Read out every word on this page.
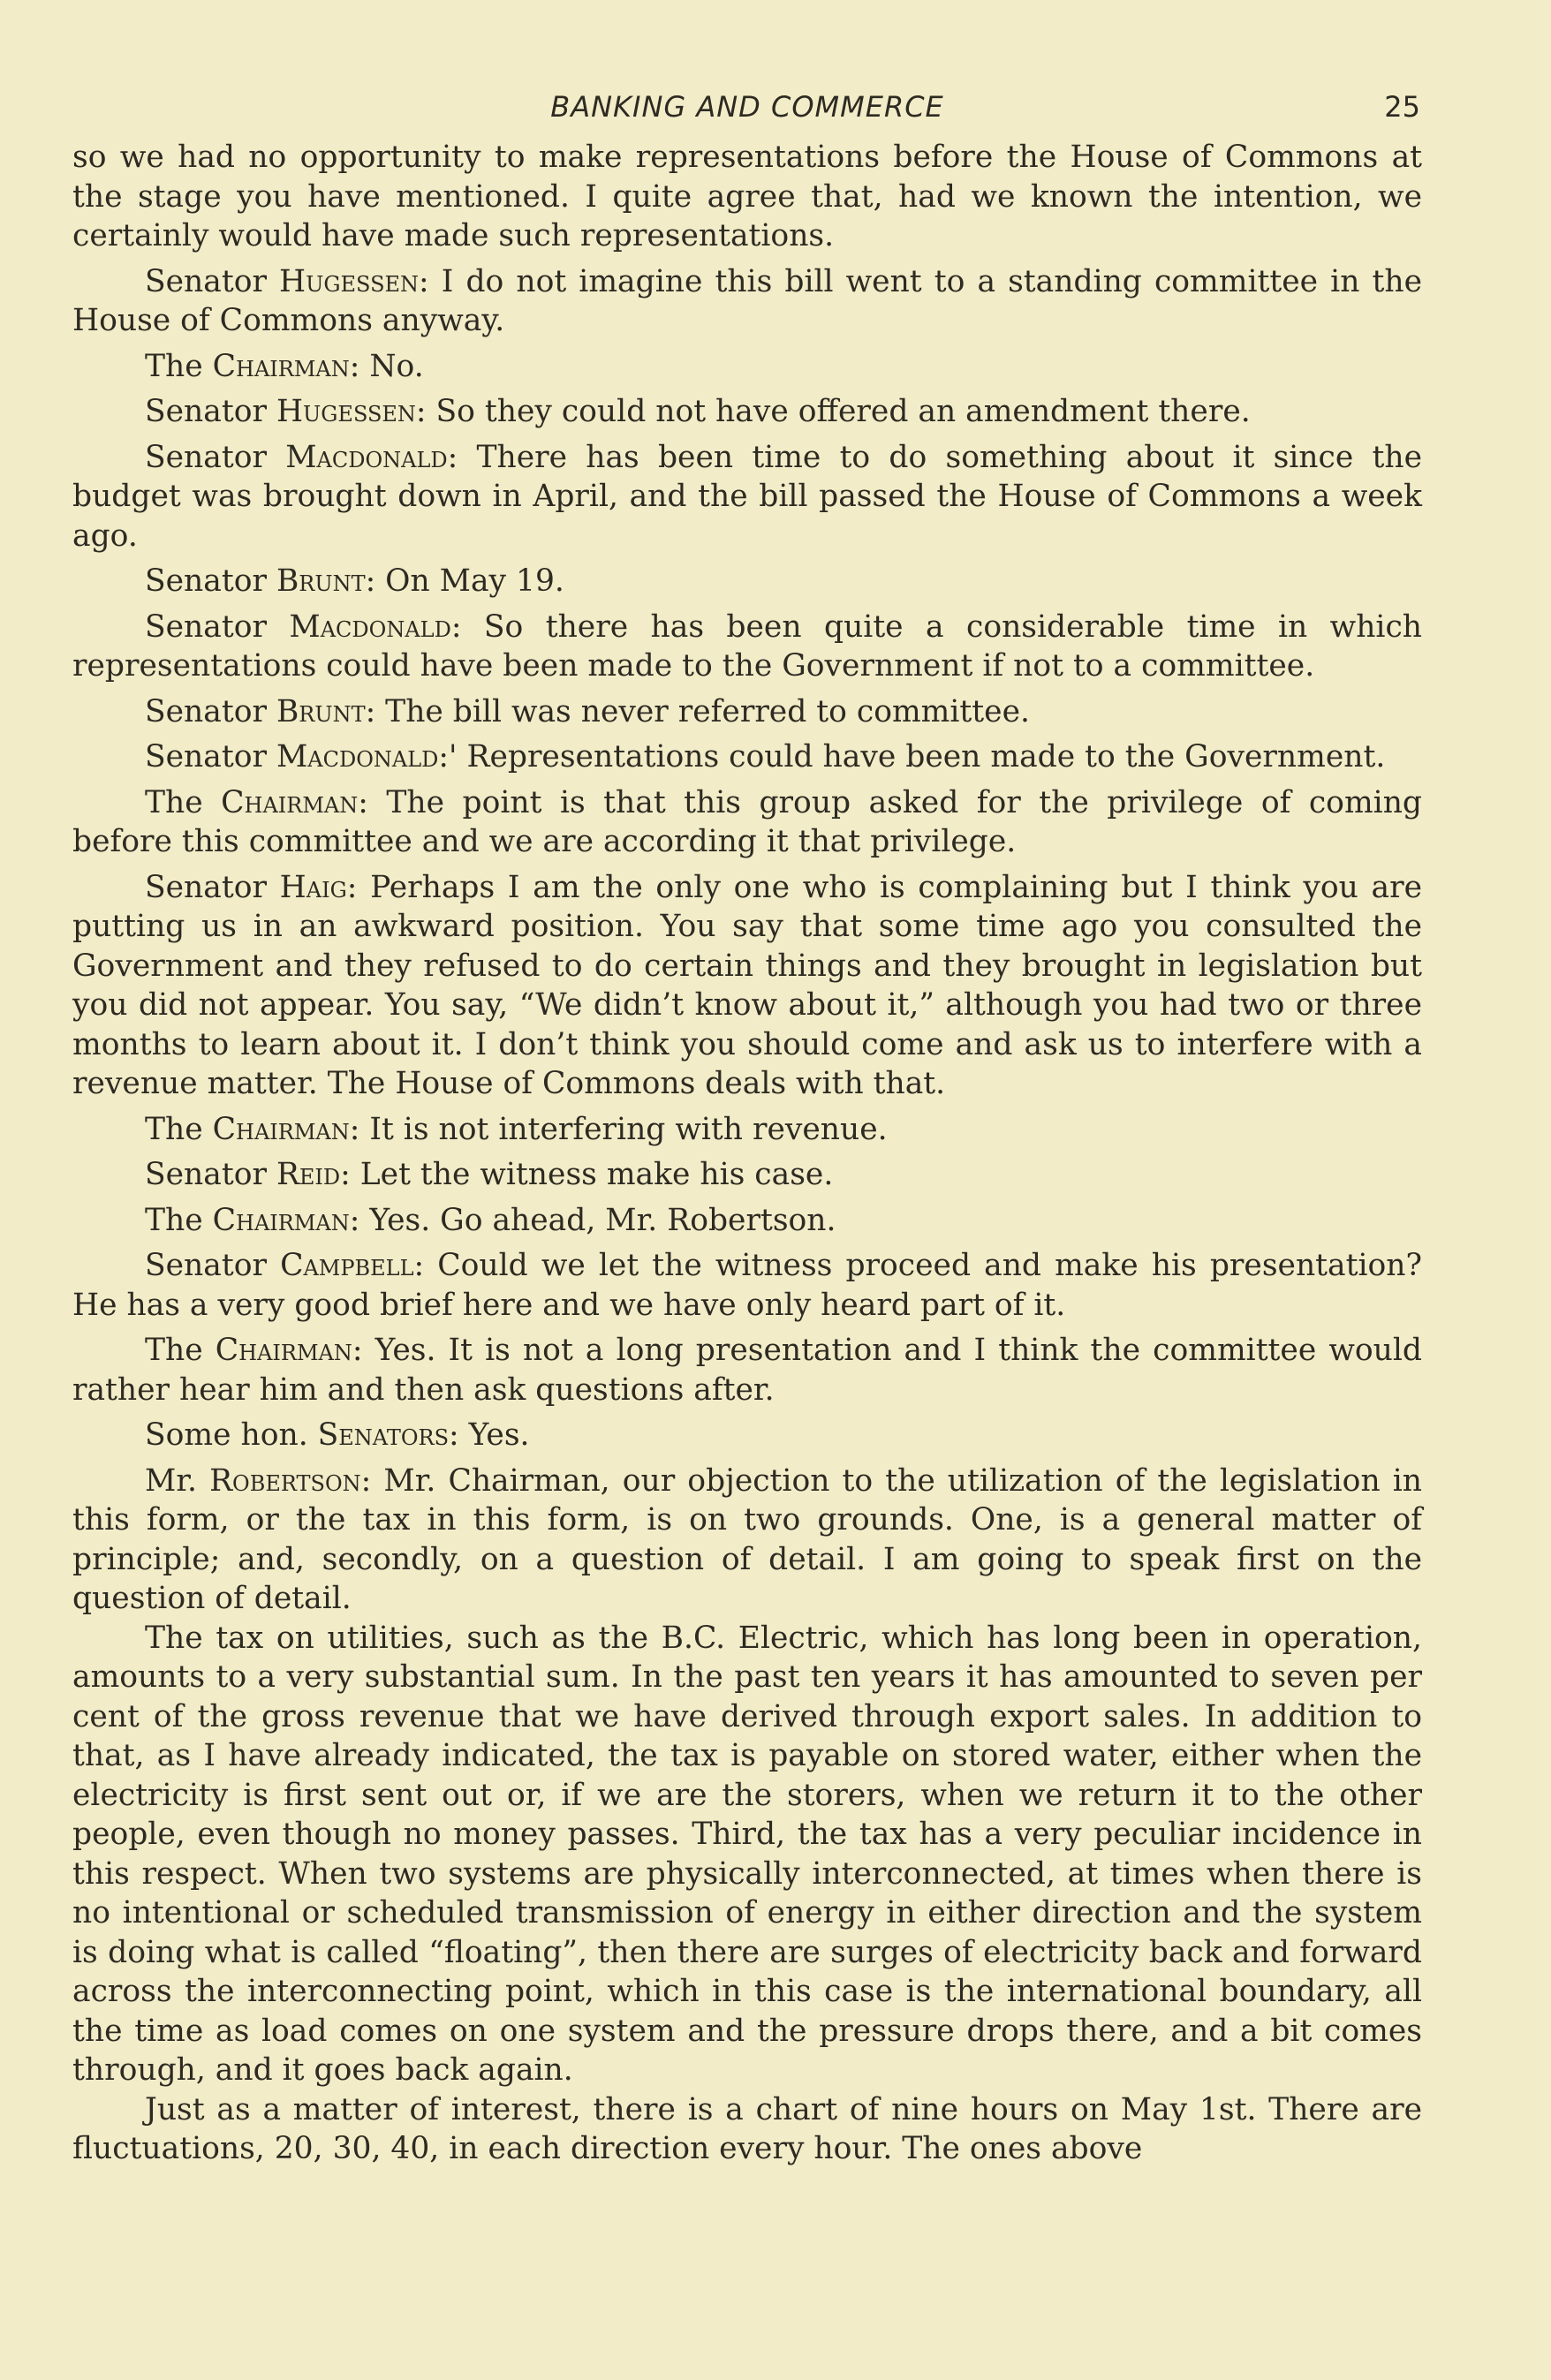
BANKING AND COMMERCE	25

so we had no opportunity to make representations before the House of Commons at the stage you have mentioned. I quite agree that, had we known the intention, we certainly would have made such representations.

Senator Hugessen: I do not imagine this bill went to a standing committee in the House of Commons anyway.

The Chairman: No.

Senator Hugessen: So they could not have offered an amendment there.

Senator Macdonald: There has been time to do something about it since the budget was brought down in April, and the bill passed the House of Commons a week ago.

Senator Brunt: On May 19.

Senator Macdonald: So there has been quite a considerable time in which representations could have been made to the Government if not to a committee.

Senator Brunt: The bill was never referred to committee.

Senator Macdonald:' Representations could have been made to the Government.

The Chairman: The point is that this group asked for the privilege of coming before this committee and we are according it that privilege.

Senator Haig: Perhaps I am the only one who is complaining but I think you are putting us in an awkward position. You say that some time ago you consulted the Government and they refused to do certain things and they brought in legislation but you did not appear. You say, “We didn’t know about it,” although you had two or three months to learn about it. I don’t think you should come and ask us to interfere with a revenue matter. The House of Commons deals with that.

The Chairman: It is not interfering with revenue.

Senator Reid: Let the witness make his case.

The Chairman: Yes. Go ahead, Mr. Robertson.

Senator Campbell: Could we let the witness proceed and make his presentation? He has a very good brief here and we have only heard part of it.

The Chairman: Yes. It is not a long presentation and I think the committee would rather hear him and then ask questions after.

Some hon. Senators: Yes.

Mr. Robertson: Mr. Chairman, our objection to the utilization of the legislation in this form, or the tax in this form, is on two grounds. One, is a general matter of principle; and, secondly, on a question of detail. I am going to speak first on the question of detail.

The tax on utilities, such as the B.C. Electric, which has long been in operation, amounts to a very substantial sum. In the past ten years it has amounted to seven per cent of the gross revenue that we have derived through export sales. In addition to that, as I have already indicated, the tax is payable on stored water, either when the electricity is first sent out or, if we are the storers, when we return it to the other people, even though no money passes. Third, the tax has a very peculiar incidence in this respect. When two systems are physically interconnected, at times when there is no intentional or scheduled transmission of energy in either direction and the system is doing what is called “floating”, then there are surges of electricity back and forward across the interconnecting point, which in this case is the international boundary, all the time as load comes on one system and the pressure drops there, and a bit comes through, and it goes back again.

Just as a matter of interest, there is a chart of nine hours on May 1st. There are fluctuations, 20, 30, 40, in each direction every hour. The ones above
